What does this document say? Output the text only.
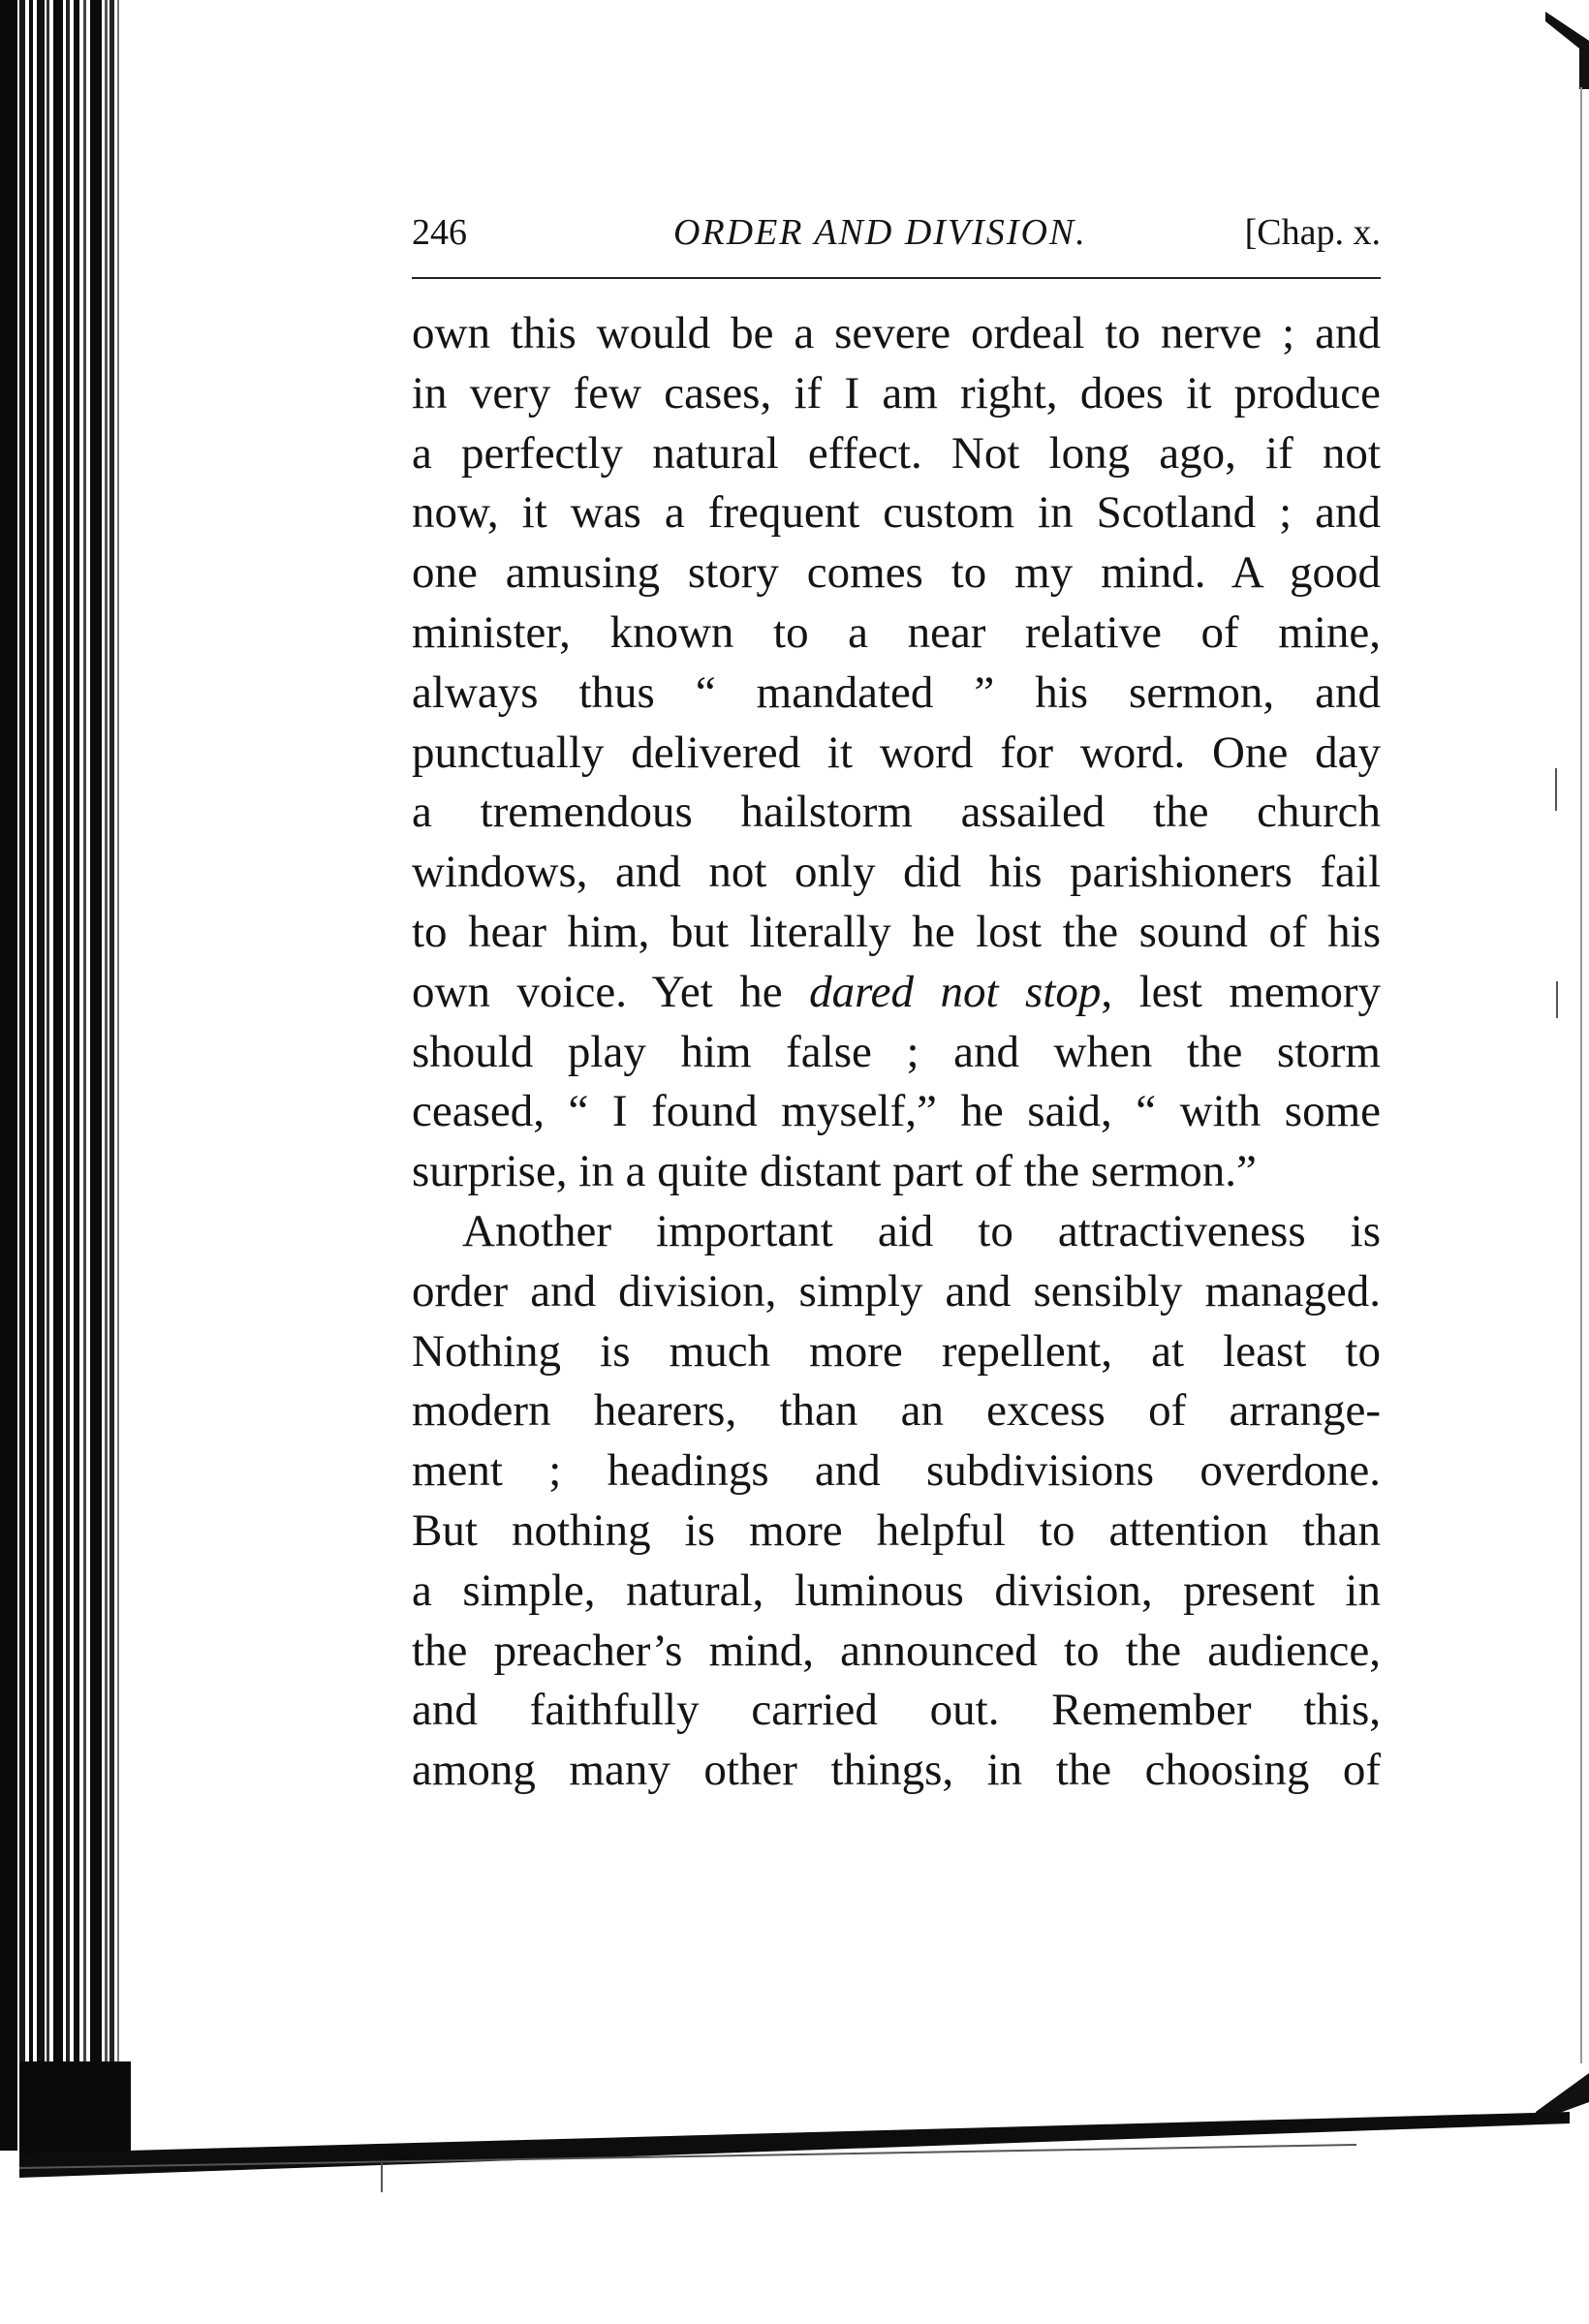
246	ORDER AND DIVISION.	[Chap. x.
own this would be a severe ordeal to nerve ; and
in very few cases, if I am right, does it produce
a perfectly natural effect. Not long ago, if not
now, it was a frequent custom in Scotland ; and
one amusing story comes to my mind. A good
minister, known to a near relative of mine,
always thus “ mandated ” his sermon, and
punctually delivered it word for word. One day
a tremendous hailstorm assailed the church
windows, and not only did his parishioners fail
to hear him, but literally he lost the sound of his
own voice. Yet he dared not stop, lest memory
should play him false ; and when the storm
ceased, “ I found myself,” he said, “ with some
surprise, in a quite distant part of the sermon.”
Another important aid to attractiveness is
order and division, simply and sensibly managed.
Nothing is much more repellent, at least to
modern hearers, than an excess of arrange-
ment ; headings and subdivisions overdone.
But nothing is more helpful to attention than
a simple, natural, luminous division, present in
the preacher’s mind, announced to the audience,
and faithfully carried out. Remember this,
among many other things, in the choosing of
